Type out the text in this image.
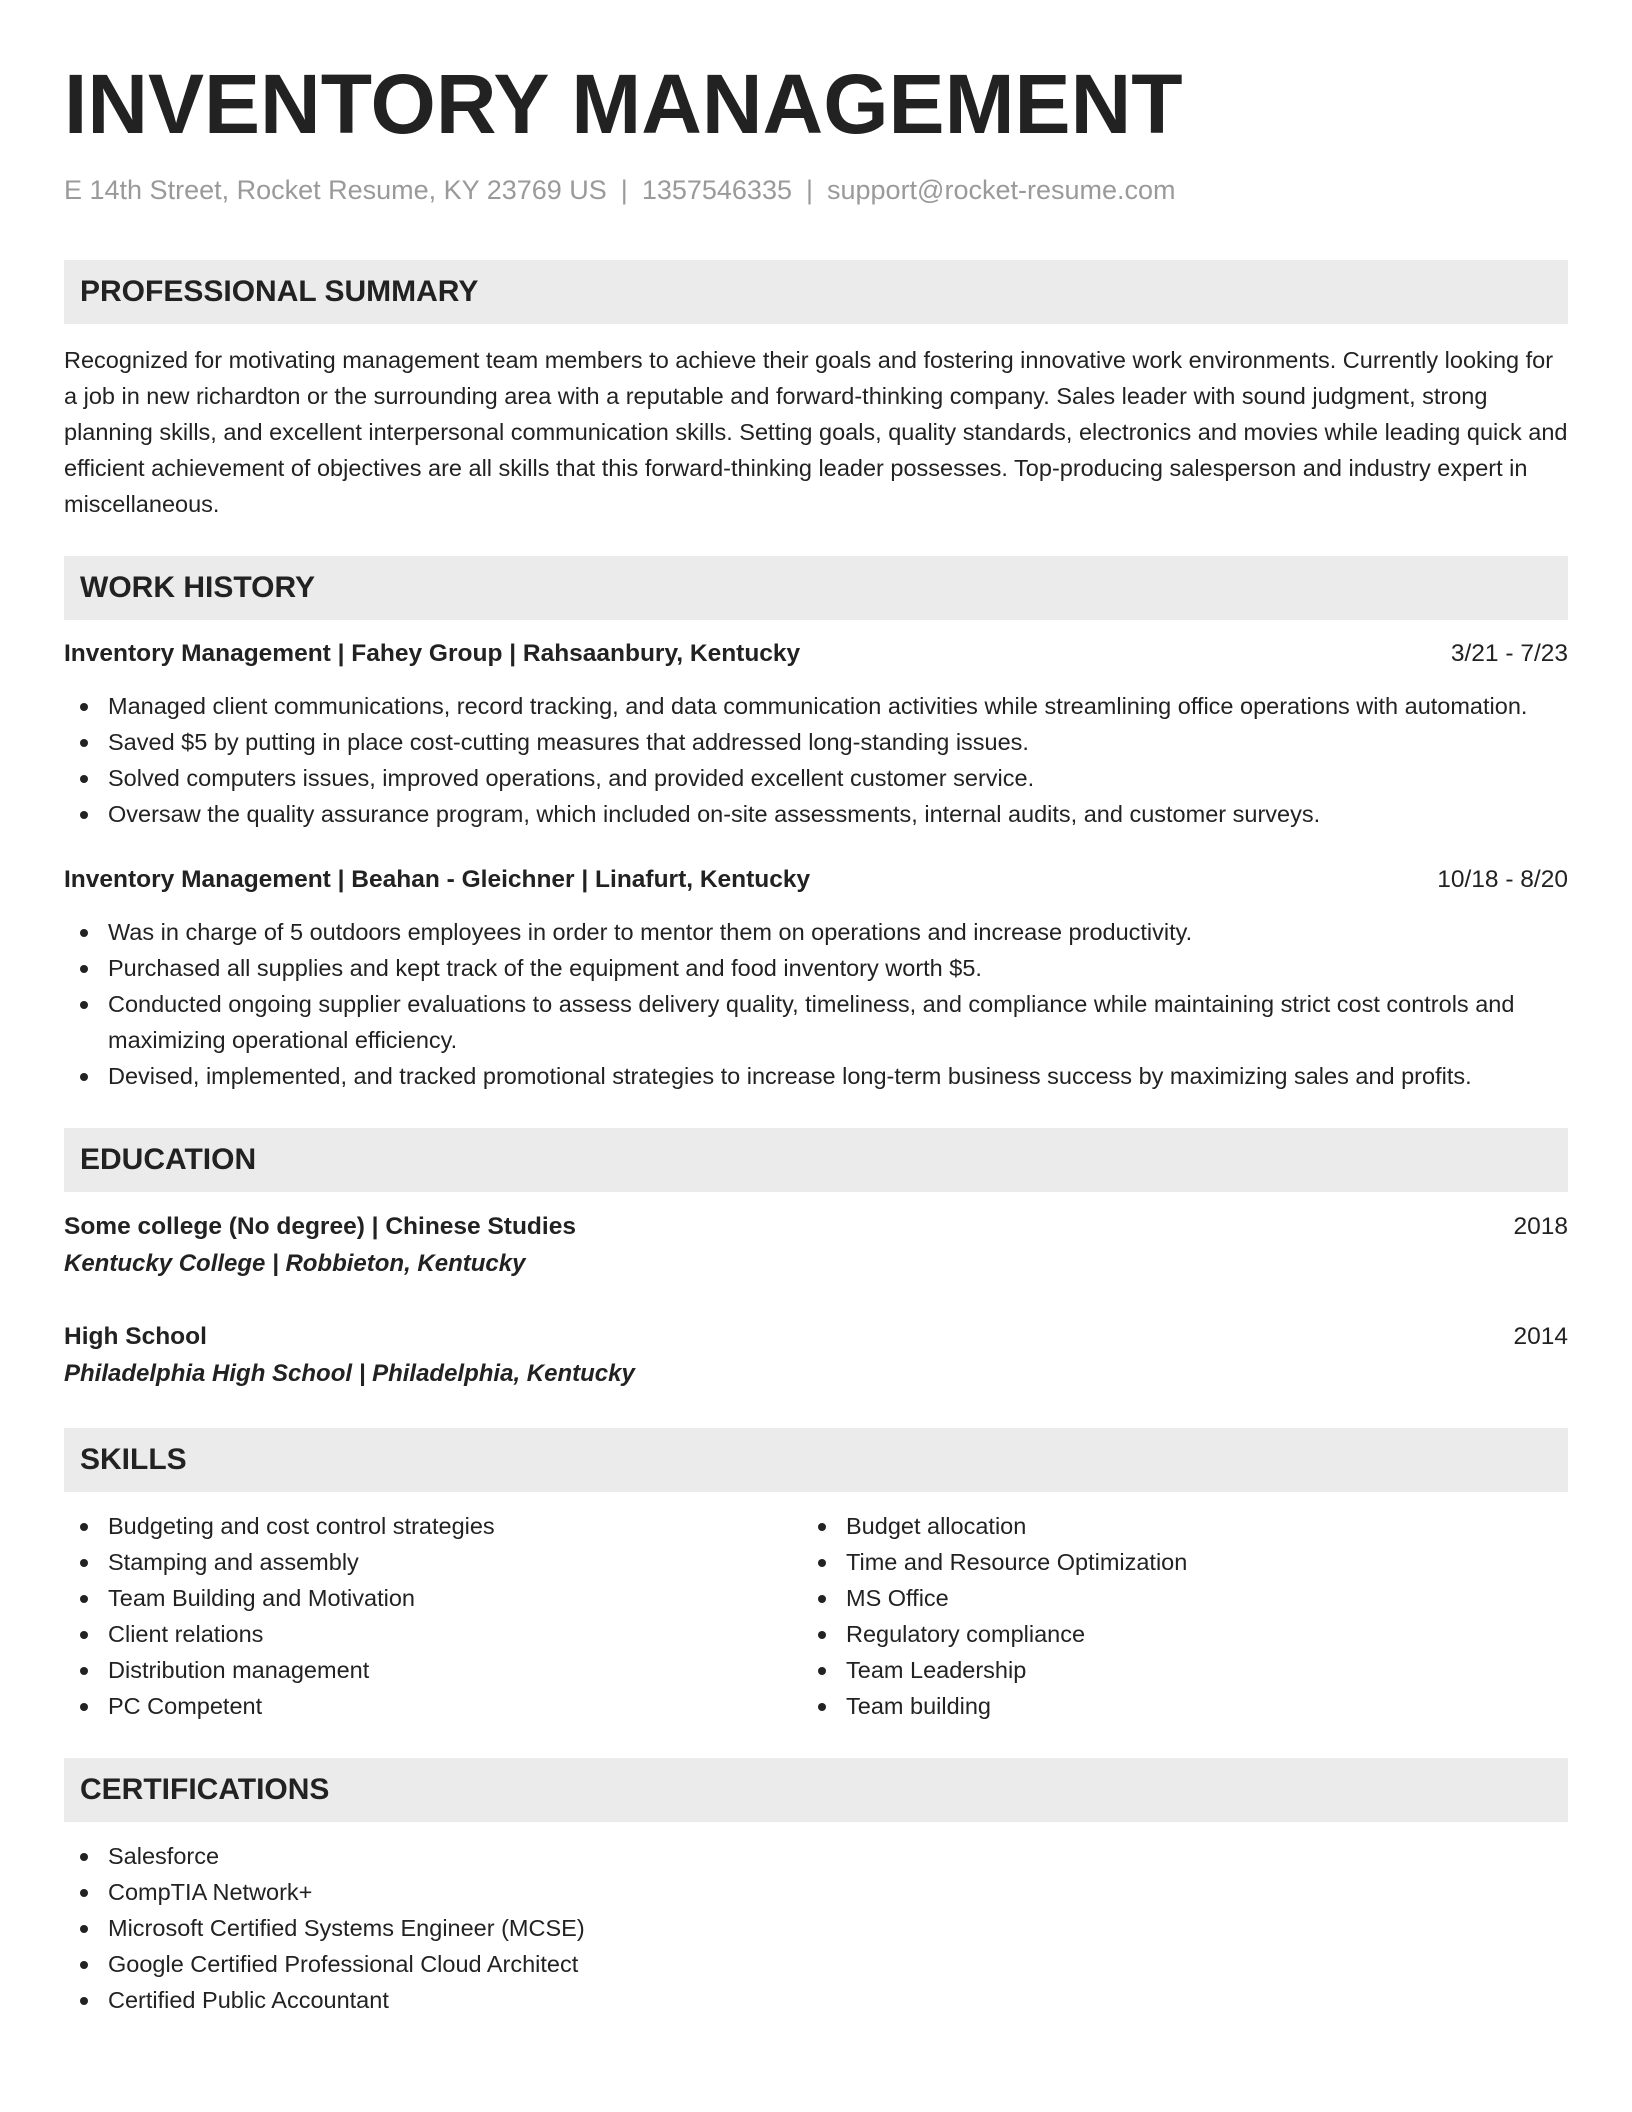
INVENTORY MANAGEMENT
E 14th Street, Rocket Resume, KY 23769 US | 1357546335 | support@rocket-resume.com
PROFESSIONAL SUMMARY
Recognized for motivating management team members to achieve their goals and fostering innovative work environments. Currently looking for a job in new richardton or the surrounding area with a reputable and forward-thinking company. Sales leader with sound judgment, strong planning skills, and excellent interpersonal communication skills. Setting goals, quality standards, electronics and movies while leading quick and efficient achievement of objectives are all skills that this forward-thinking leader possesses. Top-producing salesperson and industry expert in miscellaneous.
WORK HISTORY
Inventory Management | Fahey Group | Rahsaanbury, Kentucky	3/21 - 7/23
Managed client communications, record tracking, and data communication activities while streamlining office operations with automation.
Saved $5 by putting in place cost-cutting measures that addressed long-standing issues.
Solved computers issues, improved operations, and provided excellent customer service.
Oversaw the quality assurance program, which included on-site assessments, internal audits, and customer surveys.
Inventory Management | Beahan - Gleichner | Linafurt, Kentucky	10/18 - 8/20
Was in charge of 5 outdoors employees in order to mentor them on operations and increase productivity.
Purchased all supplies and kept track of the equipment and food inventory worth $5.
Conducted ongoing supplier evaluations to assess delivery quality, timeliness, and compliance while maintaining strict cost controls and maximizing operational efficiency.
Devised, implemented, and tracked promotional strategies to increase long-term business success by maximizing sales and profits.
EDUCATION
Some college (No degree) | Chinese Studies	2018
Kentucky College | Robbieton, Kentucky
High School	2014
Philadelphia High School | Philadelphia, Kentucky
SKILLS
Budgeting and cost control strategies
Stamping and assembly
Team Building and Motivation
Client relations
Distribution management
PC Competent
Budget allocation
Time and Resource Optimization
MS Office
Regulatory compliance
Team Leadership
Team building
CERTIFICATIONS
Salesforce
CompTIA Network+
Microsoft Certified Systems Engineer (MCSE)
Google Certified Professional Cloud Architect
Certified Public Accountant
